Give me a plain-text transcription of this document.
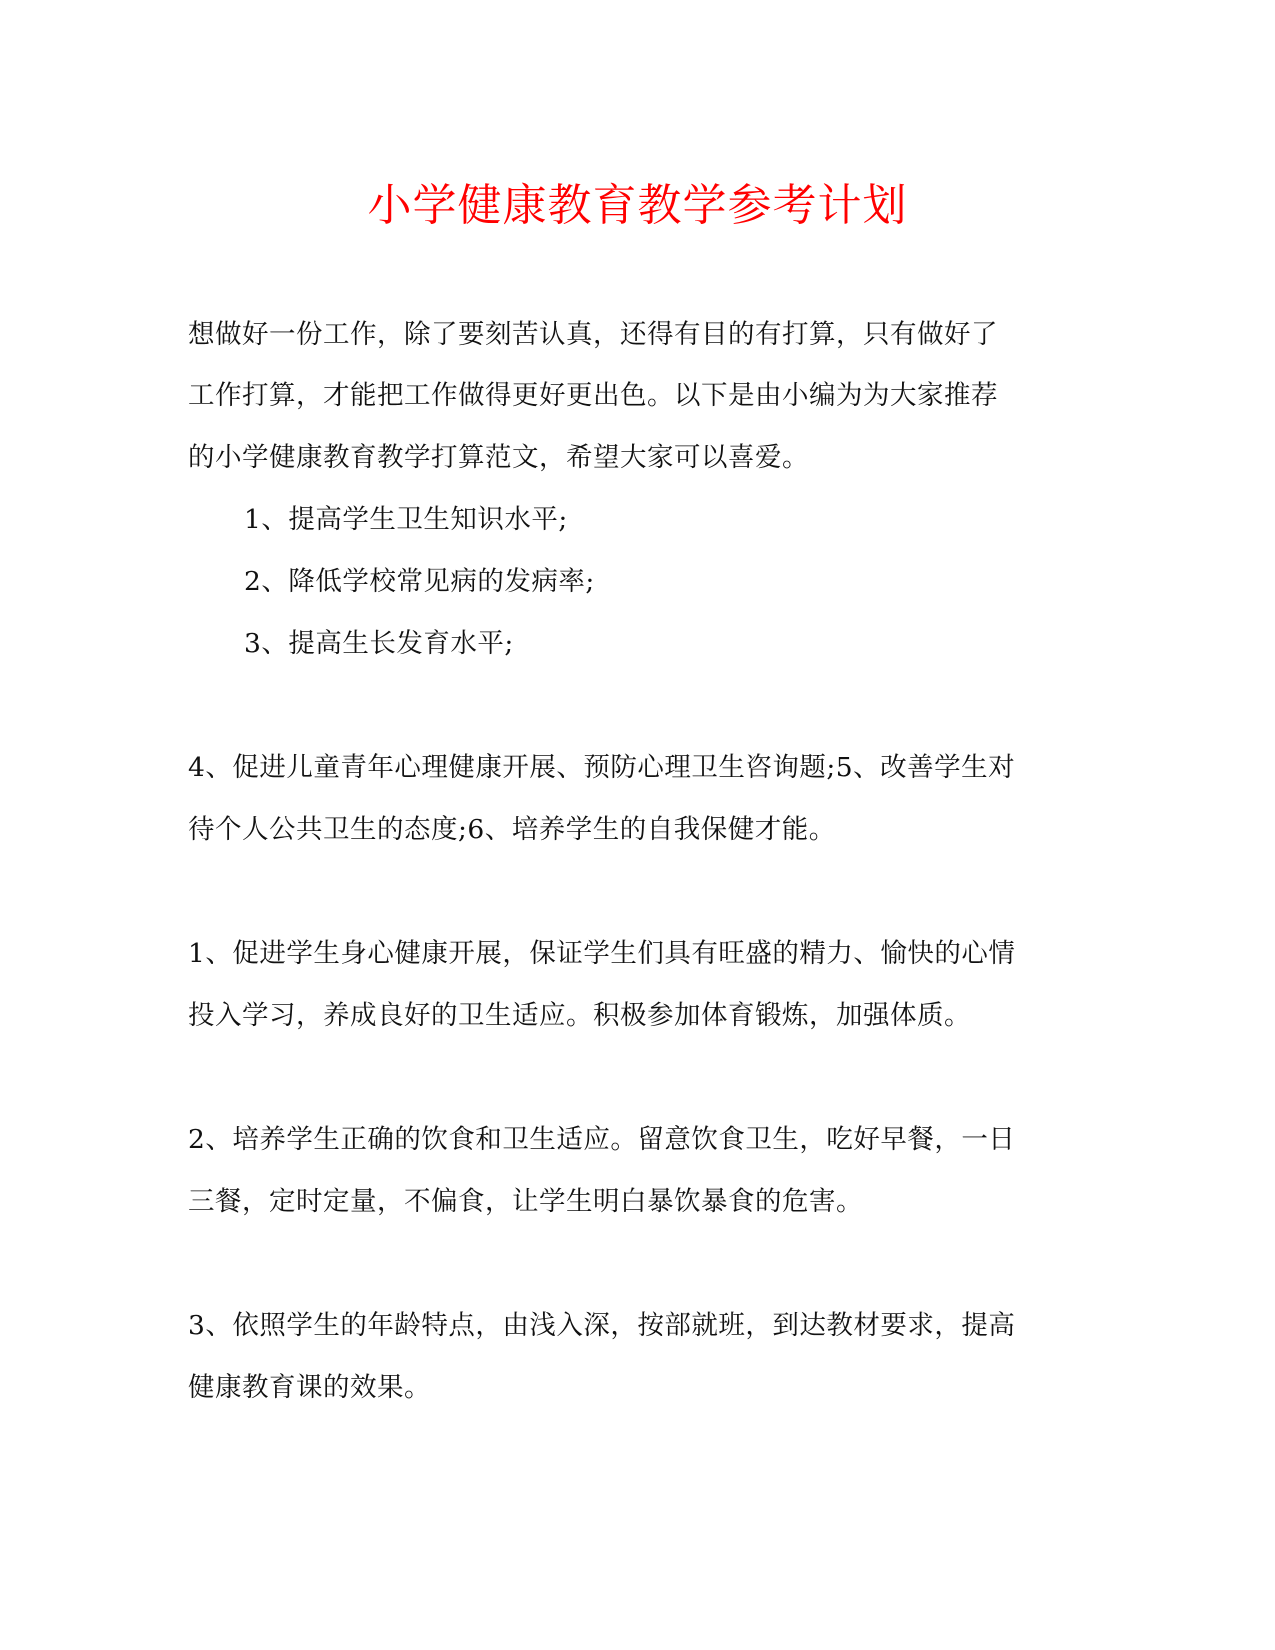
小学健康教育教学参考计划
想做好一份工作，除了要刻苦认真，还得有目的有打算，只有做好了
工作打算，才能把工作做得更好更出色。以下是由小编为为大家推荐
的小学健康教育教学打算范文，希望大家可以喜爱。
1、提高学生卫生知识水平;
2、降低学校常见病的发病率;
3、提高生长发育水平;
4、促进儿童青年心理健康开展、预防心理卫生咨询题;5、改善学生对
待个人公共卫生的态度;6、培养学生的自我保健才能。
1、促进学生身心健康开展，保证学生们具有旺盛的精力、愉快的心情
投入学习，养成良好的卫生适应。积极参加体育锻炼，加强体质。
2、培养学生正确的饮食和卫生适应。留意饮食卫生，吃好早餐，一日
三餐，定时定量，不偏食，让学生明白暴饮暴食的危害。
3、依照学生的年龄特点，由浅入深，按部就班，到达教材要求，提高
健康教育课的效果。
